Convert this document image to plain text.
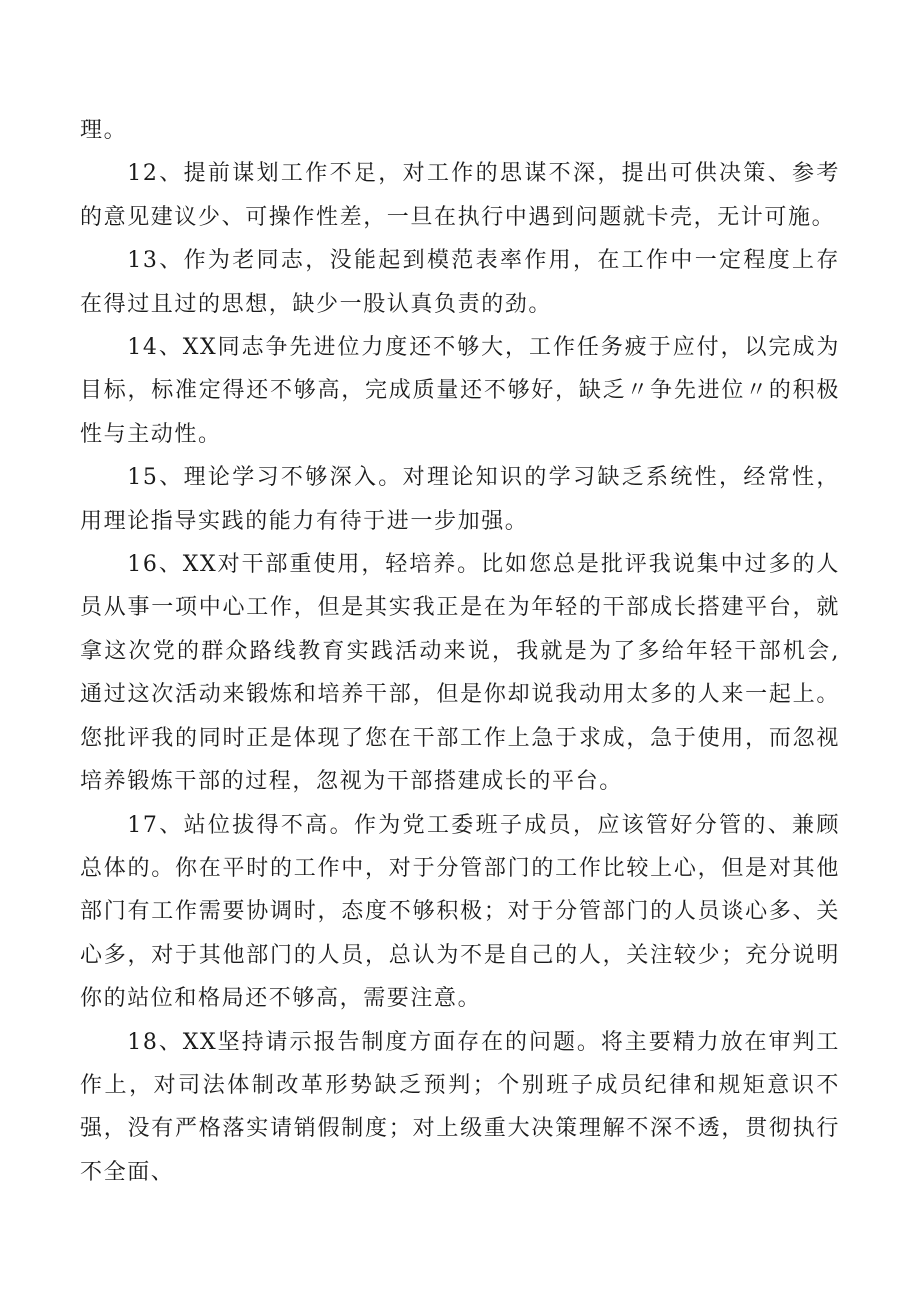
理。

12、提前谋划工作不足，对工作的思谋不深，提出可供决策、参考的意见建议少、可操作性差，一旦在执行中遇到问题就卡壳，无计可施。

13、作为老同志，没能起到模范表率作用，在工作中一定程度上存在得过且过的思想，缺少一股认真负责的劲。

14、XX同志争先进位力度还不够大，工作任务疲于应付，以完成为目标，标准定得还不够高，完成质量还不够好，缺乏〃争先进位〃的积极性与主动性。

15、理论学习不够深入。对理论知识的学习缺乏系统性，经常性，用理论指导实践的能力有待于进一步加强。

16、XX对干部重使用，轻培养。比如您总是批评我说集中过多的人员从事一项中心工作，但是其实我正是在为年轻的干部成长搭建平台，就拿这次党的群众路线教育实践活动来说，我就是为了多给年轻干部机会,通过这次活动来锻炼和培养干部，但是你却说我动用太多的人来一起上。您批评我的同时正是体现了您在干部工作上急于求成，急于使用，而忽视培养锻炼干部的过程，忽视为干部搭建成长的平台。

17、站位拔得不高。作为党工委班子成员，应该管好分管的、兼顾总体的。你在平时的工作中，对于分管部门的工作比较上心，但是对其他部门有工作需要协调时，态度不够积极；对于分管部门的人员谈心多、关心多，对于其他部门的人员，总认为不是自己的人，关注较少；充分说明你的站位和格局还不够高，需要注意。

18、XX坚持请示报告制度方面存在的问题。将主要精力放在审判工作上，对司法体制改革形势缺乏预判；个别班子成员纪律和规矩意识不强，没有严格落实请销假制度；对上级重大决策理解不深不透，贯彻执行不全面、
